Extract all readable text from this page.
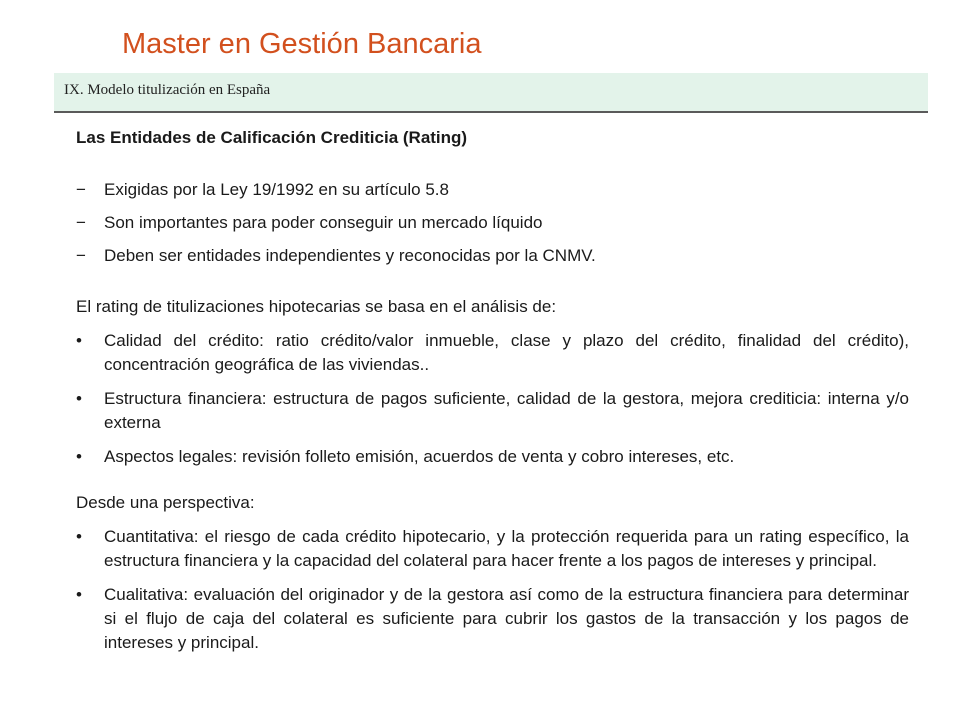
Master en Gestión Bancaria
IX. Modelo titulización en España

Las Entidades de Calificación Crediticia (Rating)

− Exigidas por la Ley 19/1992 en su artículo 5.8
− Son importantes para poder conseguir un mercado líquido
− Deben ser entidades independientes y reconocidas por la CNMV.

El rating de titulizaciones hipotecarias se basa en el análisis de:

• Calidad del crédito: ratio crédito/valor inmueble, clase y plazo del crédito, finalidad del crédito), concentración geográfica de las viviendas..
• Estructura financiera: estructura de pagos suficiente, calidad de la gestora, mejora crediticia: interna y/o externa
• Aspectos legales: revisión folleto emisión, acuerdos de venta y cobro intereses, etc.

Desde una perspectiva:

• Cuantitativa: el riesgo de cada crédito hipotecario, y la protección requerida para un rating específico, la estructura financiera y la capacidad del colateral para hacer frente a los pagos de intereses y principal.
• Cualitativa: evaluación del originador y de la gestora así como de la estructura financiera para determinar si el flujo de caja del colateral es suficiente para cubrir los gastos de la transacción y los pagos de intereses y principal.
